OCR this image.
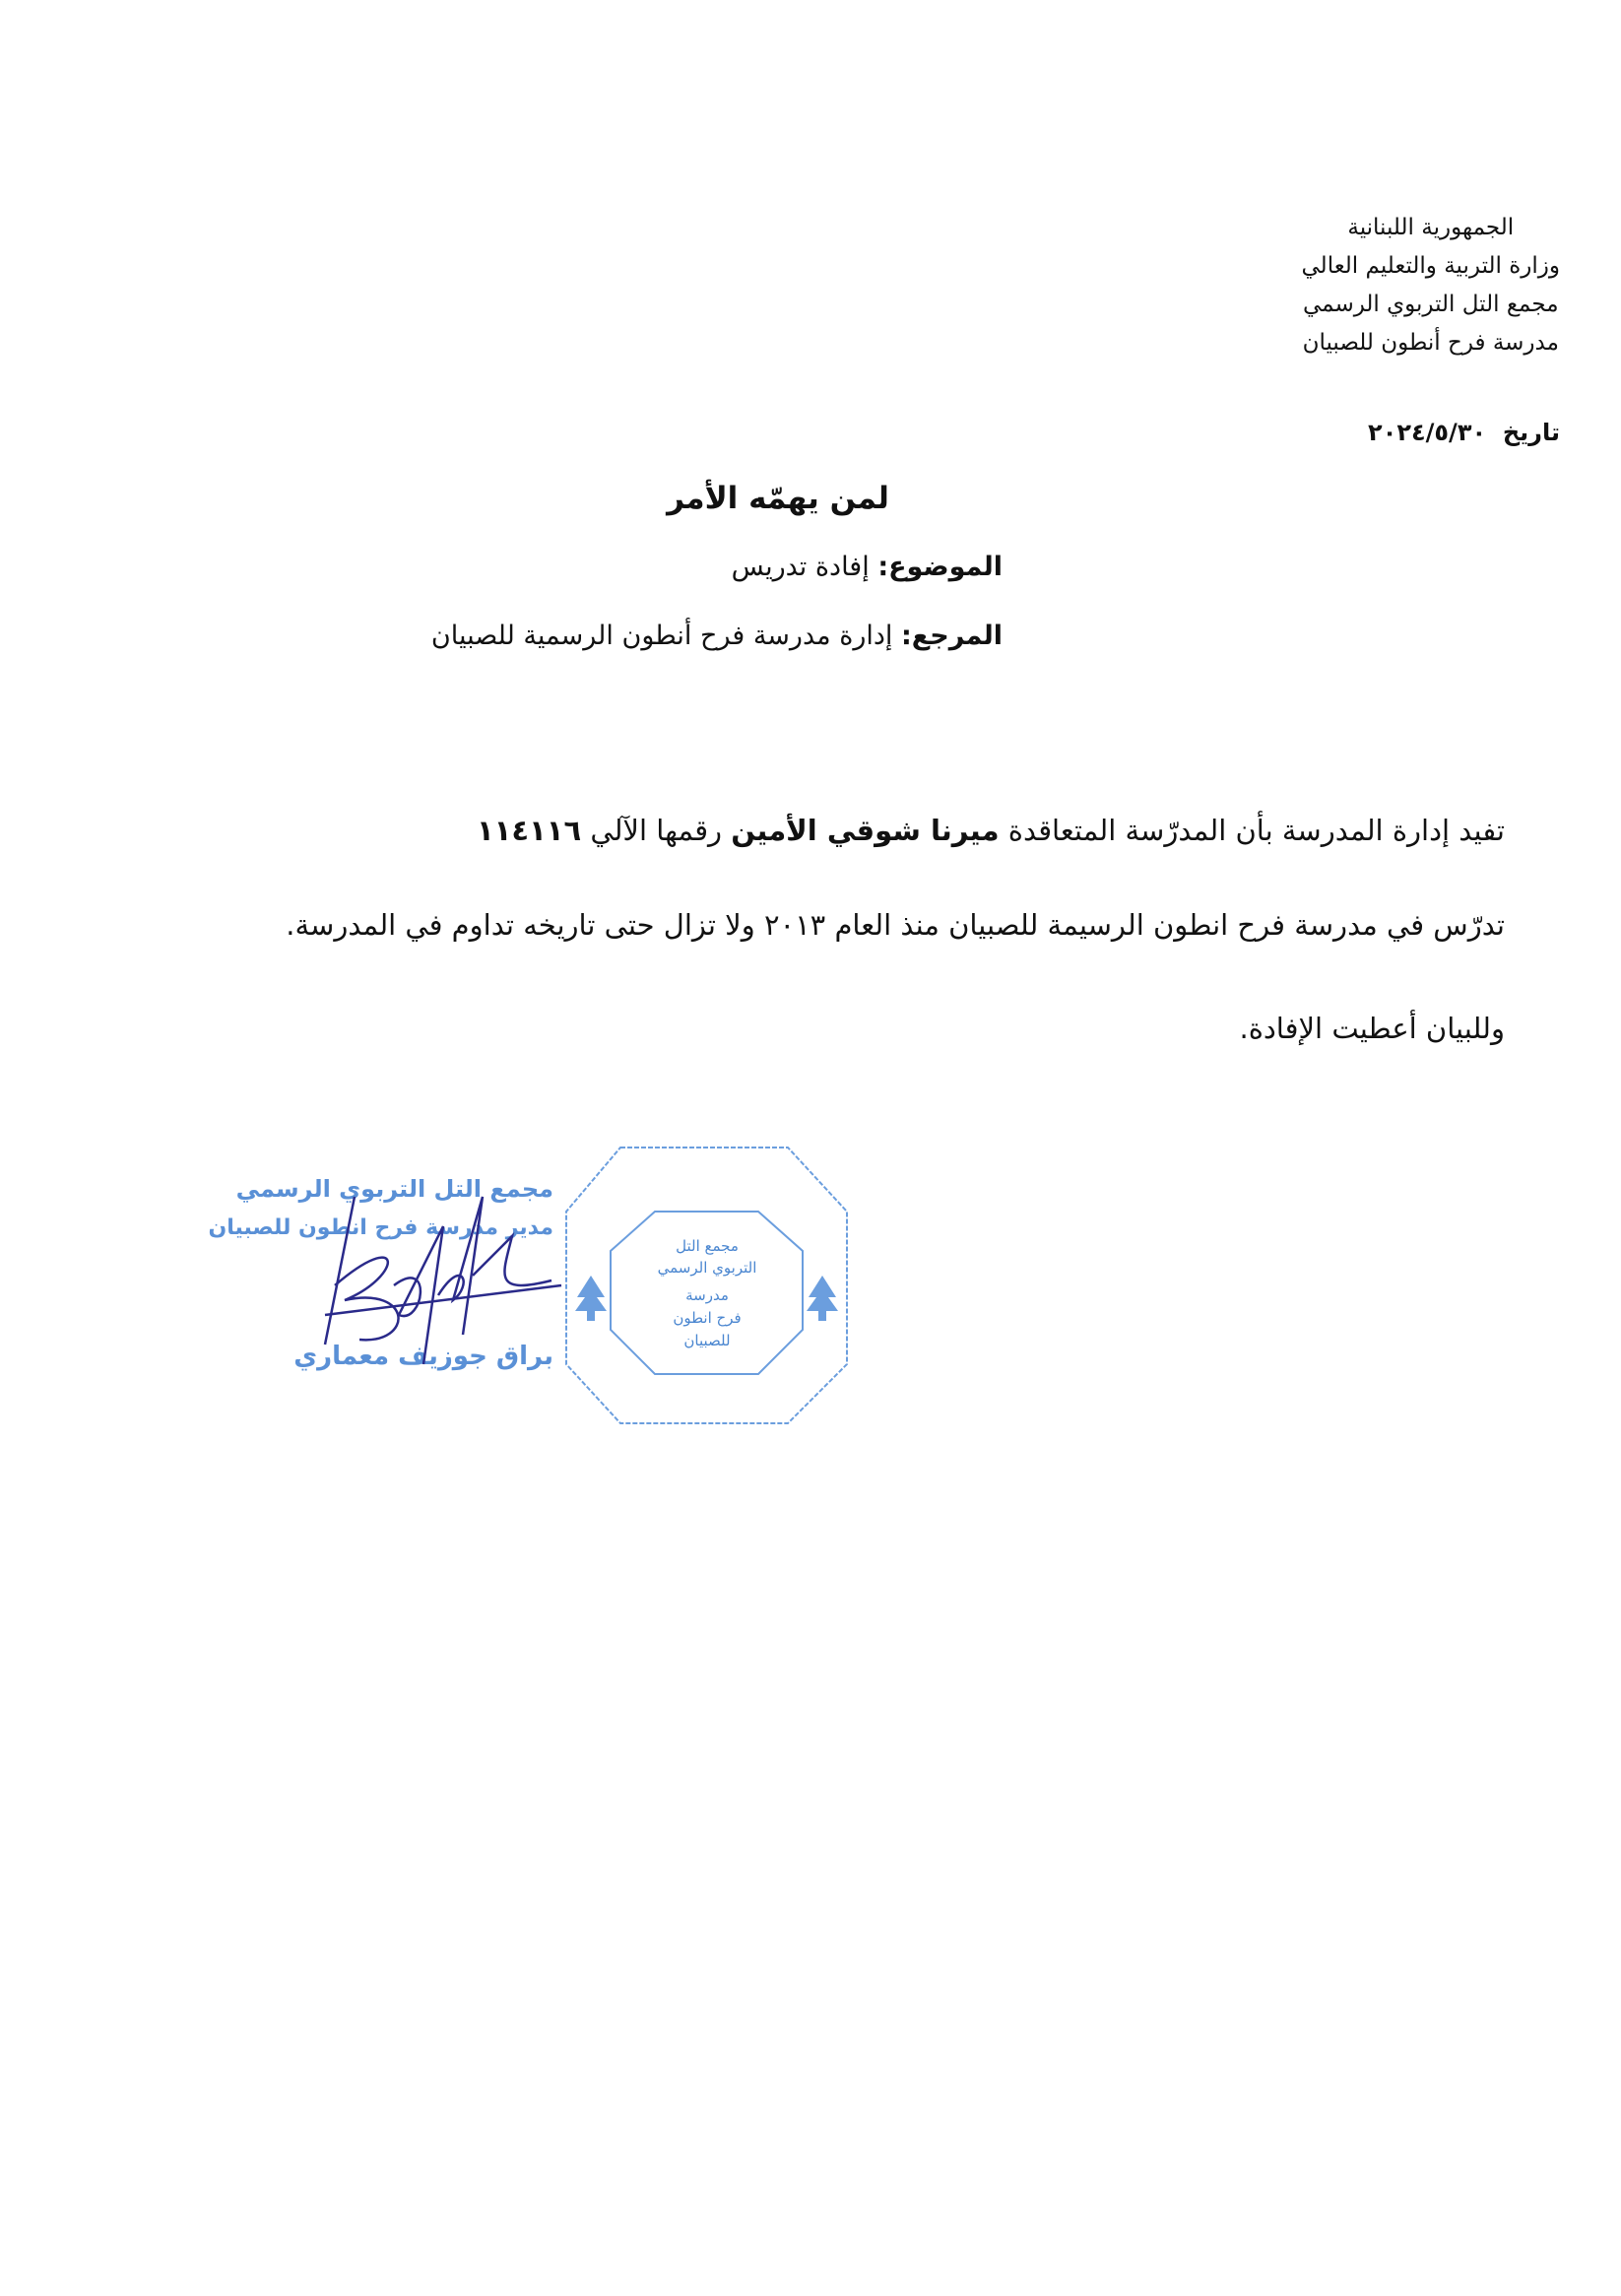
الجمهورية اللبنانية
وزارة التربية والتعليم العالي
مجمع التل التربوي الرسمي
مدرسة فرح أنطون للصبيان
تاريخ  ٢٠٢٤/٥/٣٠
لمن يهمّه الأمر
الموضوع: إفادة تدريس
المرجع: إدارة مدرسة فرح أنطون الرسمية للصبيان
تفيد إدارة المدرسة بأن المدرّسة المتعاقدة ميرنا شوقي الأمين رقمها الآلي ١١٤١١٦
تدرّس في مدرسة فرح انطون الرسيمة للصبيان منذ العام ٢٠١٣ ولا تزال حتى تاريخه تداوم في المدرسة.
وللبيان أعطيت الإفادة.
مجمع التل
التربوي الرسمي
مدرسة
فرح انطون
للصبيان
مجمع التل التربوي الرسمي
مدير مدرسة فرح انطون للصبيان
براق جوزيف معماري
